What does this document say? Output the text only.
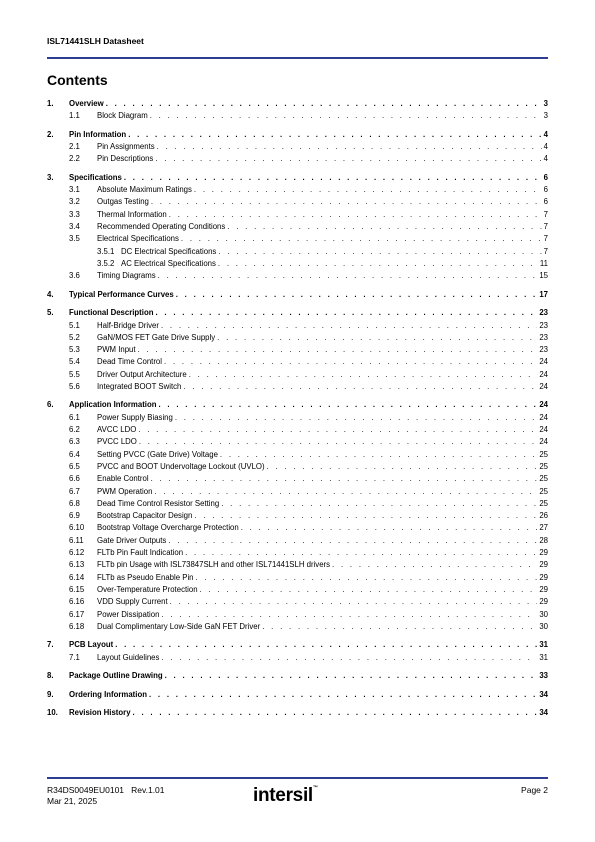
ISL71441SLH Datasheet
Contents
1.	Overview . . .	3
1.1	Block Diagram . . .	3
2.	Pin Information . . .	4
2.1	Pin Assignments . . .	4
2.2	Pin Descriptions . . .	4
3.	Specifications . . .	6
3.1	Absolute Maximum Ratings . . .	6
3.2	Outgas Testing . . .	6
3.3	Thermal Information . . .	7
3.4	Recommended Operating Conditions . . .	7
3.5	Electrical Specifications . . .	7
3.5.1 DC Electrical Specifications . . .	7
3.5.2 AC Electrical Specifications . . .	11
3.6	Timing Diagrams . . .	15
4.	Typical Performance Curves . . .	17
5.	Functional Description . . .	23
5.1	Half-Bridge Driver . . .	23
5.2	GaN/MOS FET Gate Drive Supply . . .	23
5.3	PWM Input . . .	23
5.4	Dead Time Control . . .	24
5.5	Driver Output Architecture . . .	24
5.6	Integrated BOOT Switch . . .	24
6.	Application Information . . .	24
6.1	Power Supply Biasing . . .	24
6.2	AVCC LDO . . .	24
6.3	PVCC LDO . . .	24
6.4	Setting PVCC (Gate Drive) Voltage . . .	25
6.5	PVCC and BOOT Undervoltage Lockout (UVLO) . . .	25
6.6	Enable Control . . .	25
6.7	PWM Operation . . .	25
6.8	Dead Time Control Resistor Setting . . .	25
6.9	Bootstrap Capacitor Design . . .	26
6.10	Bootstrap Voltage Overcharge Protection . . .	27
6.11	Gate Driver Outputs . . .	28
6.12	FLTb Pin Fault Indication . . .	29
6.13	FLTb pin Usage with ISL73847SLH and other ISL71441SLH drivers . . .	29
6.14	FLTb as Pseudo Enable Pin . . .	29
6.15	Over-Temperature Protection . . .	29
6.16	VDD Supply Current . . .	29
6.17	Power Dissipation . . .	30
6.18	Dual Complimentary Low-Side GaN FET Driver . . .	30
7.	PCB Layout . . .	31
7.1	Layout Guidelines . . .	31
8.	Package Outline Drawing . . .	33
9.	Ordering Information . . .	34
10.	Revision History . . .	34
R34DS0049EU0101 Rev.1.01
Mar 21, 2025	intersil™	Page 2
